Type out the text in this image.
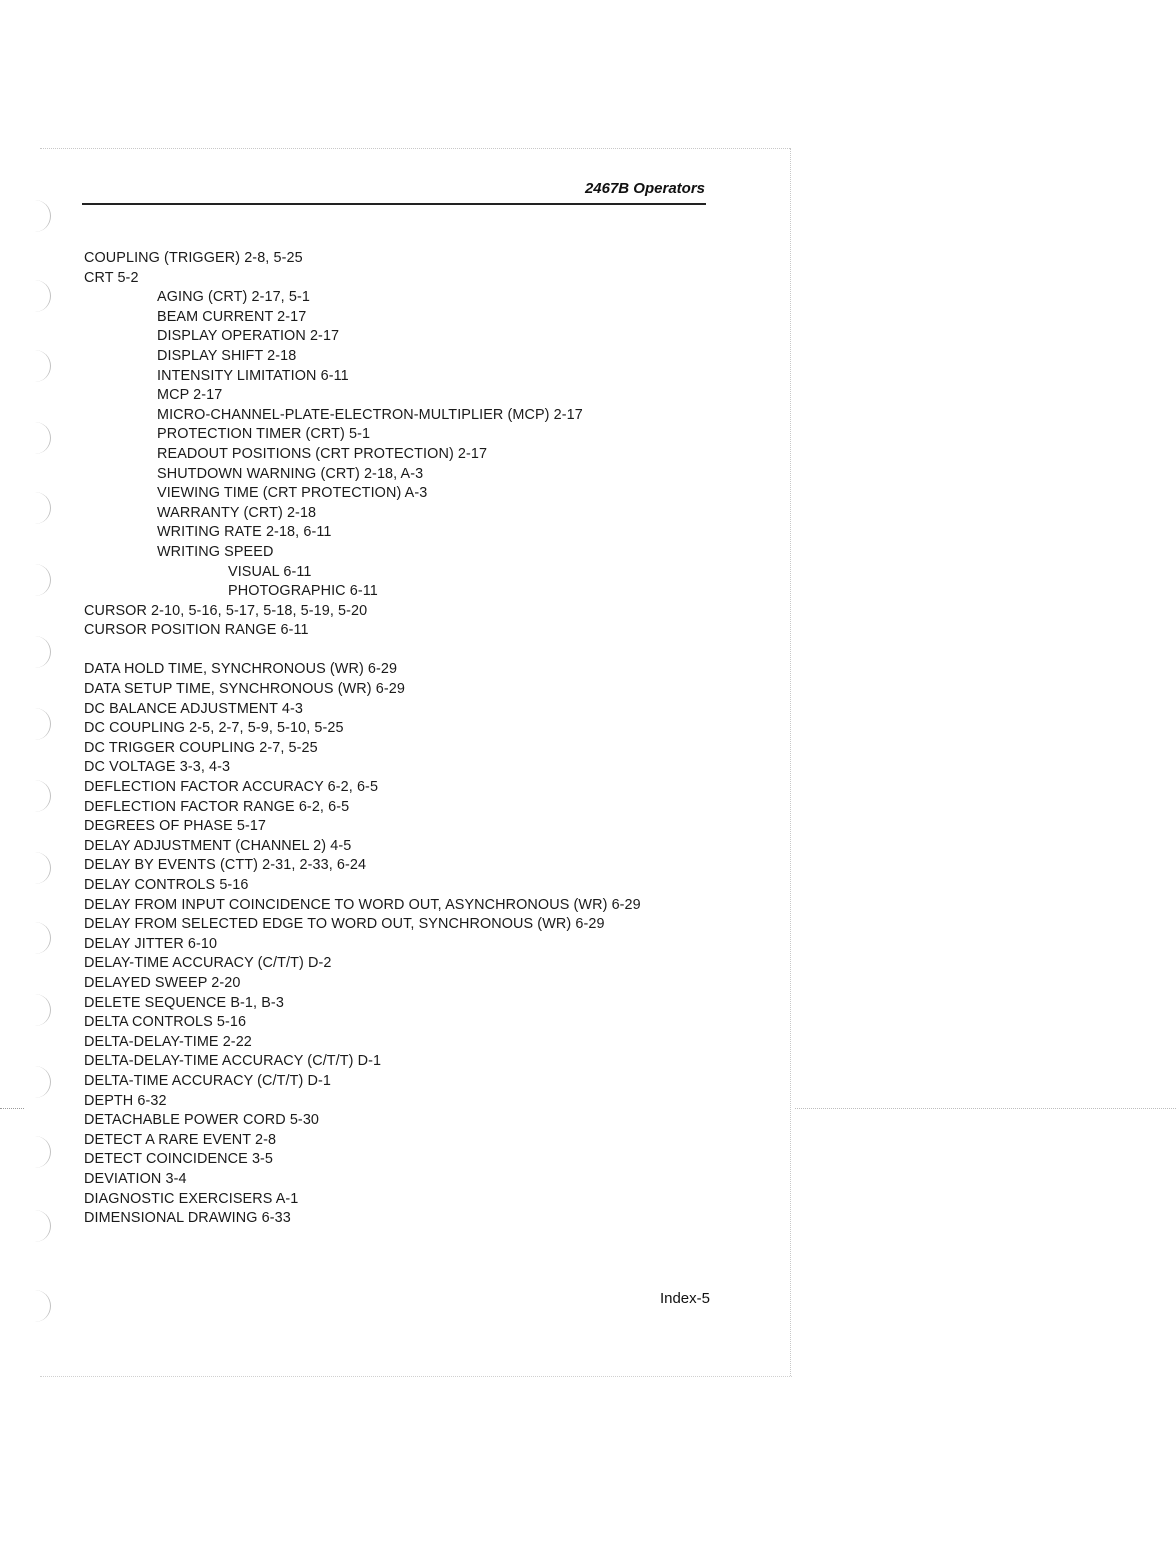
2467B Operators
COUPLING (TRIGGER) 2-8, 5-25
CRT 5-2
AGING (CRT) 2-17, 5-1
BEAM CURRENT 2-17
DISPLAY OPERATION 2-17
DISPLAY SHIFT 2-18
INTENSITY LIMITATION 6-11
MCP 2-17
MICRO-CHANNEL-PLATE-ELECTRON-MULTIPLIER (MCP) 2-17
PROTECTION TIMER (CRT) 5-1
READOUT POSITIONS (CRT PROTECTION) 2-17
SHUTDOWN WARNING (CRT) 2-18, A-3
VIEWING TIME (CRT PROTECTION) A-3
WARRANTY (CRT) 2-18
WRITING RATE 2-18, 6-11
WRITING SPEED
VISUAL 6-11
PHOTOGRAPHIC 6-11
CURSOR 2-10, 5-16, 5-17, 5-18, 5-19, 5-20
CURSOR POSITION RANGE 6-11
DATA HOLD TIME, SYNCHRONOUS (WR) 6-29
DATA SETUP TIME, SYNCHRONOUS (WR) 6-29
DC BALANCE ADJUSTMENT 4-3
DC COUPLING 2-5, 2-7, 5-9, 5-10, 5-25
DC TRIGGER COUPLING 2-7, 5-25
DC VOLTAGE 3-3, 4-3
DEFLECTION FACTOR ACCURACY 6-2, 6-5
DEFLECTION FACTOR RANGE 6-2, 6-5
DEGREES OF PHASE 5-17
DELAY ADJUSTMENT (CHANNEL 2) 4-5
DELAY BY EVENTS (CTT) 2-31, 2-33, 6-24
DELAY CONTROLS 5-16
DELAY FROM INPUT COINCIDENCE TO WORD OUT, ASYNCHRONOUS (WR) 6-29
DELAY FROM SELECTED EDGE TO WORD OUT, SYNCHRONOUS (WR) 6-29
DELAY JITTER 6-10
DELAY-TIME ACCURACY (C/T/T) D-2
DELAYED SWEEP 2-20
DELETE SEQUENCE B-1, B-3
DELTA CONTROLS 5-16
DELTA-DELAY-TIME 2-22
DELTA-DELAY-TIME ACCURACY (C/T/T) D-1
DELTA-TIME ACCURACY (C/T/T) D-1
DEPTH 6-32
DETACHABLE POWER CORD 5-30
DETECT A RARE EVENT 2-8
DETECT COINCIDENCE 3-5
DEVIATION 3-4
DIAGNOSTIC EXERCISERS A-1
DIMENSIONAL DRAWING 6-33
Index-5
